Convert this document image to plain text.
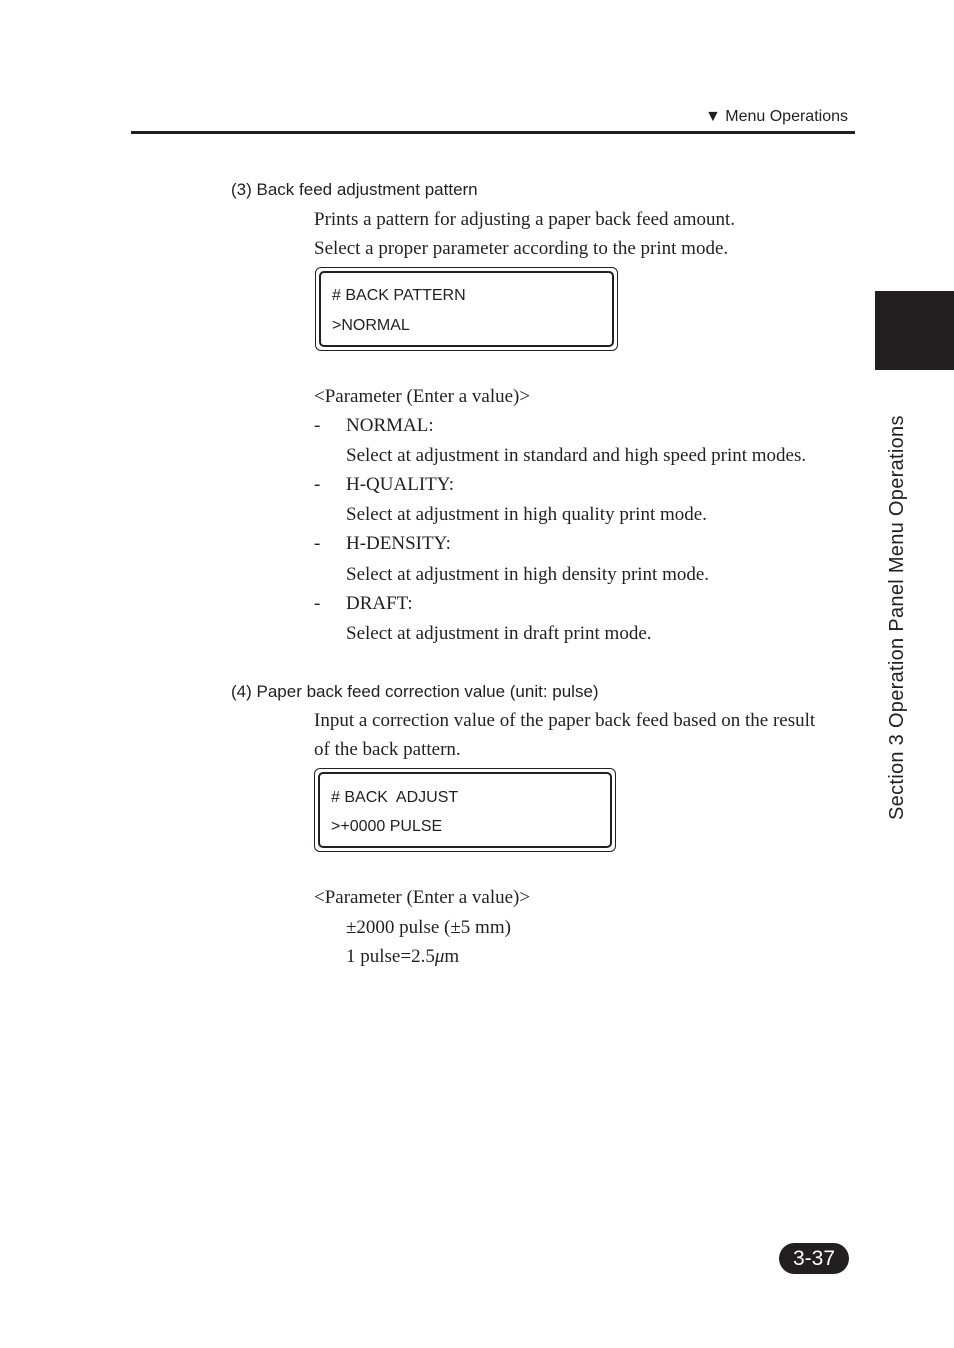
▼ Menu Operations
Section 3 Operation Panel Menu Operations
(3) Back feed adjustment pattern
Prints a pattern for adjusting a paper back feed amount.
Select a proper parameter according to the print mode.
# BACK PATTERN
>NORMAL
<Parameter (Enter a value)>
- NORMAL:
Select at adjustment in standard and high speed print modes.
- H-QUALITY:
Select at adjustment in high quality print mode.
- H-DENSITY:
Select at adjustment in high density print mode.
- DRAFT:
Select at adjustment in draft print mode.
(4) Paper back feed correction value (unit: pulse)
Input a correction value of the paper back feed based on the result
of the back pattern.
# BACK  ADJUST
>+0000 PULSE
<Parameter (Enter a value)>
±2000 pulse (±5 mm)
1 pulse=2.5μm
3-37
